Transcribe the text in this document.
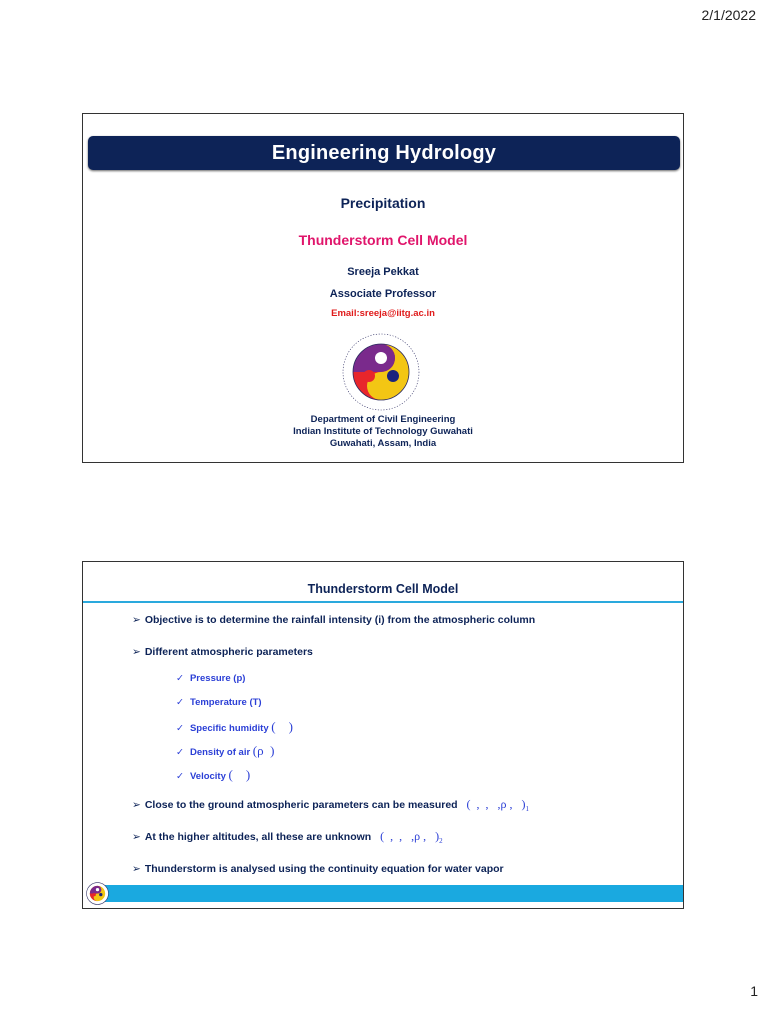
2/1/2022
Engineering Hydrology
Precipitation
Thunderstorm Cell Model
Sreeja Pekkat
Associate Professor
Email:sreeja@iitg.ac.in
Department of Civil Engineering
Indian Institute of Technology Guwahati
Guwahati, Assam, India
Thunderstorm Cell Model
➢ Objective is to determine the rainfall intensity (i) from the atmospheric column
➢ Different atmospheric parameters
✓ Pressure (p)
✓ Temperature (T)
✓ Specific humidity (    )
✓ Density of air (ρ  )
✓ Velocity (    )
➢ Close to the ground atmospheric parameters can be measured (  ,  ,   ,ρ ,   )$_1$
➢ At the higher altitudes, all these are unknown (  ,  ,   ,ρ ,   )$_2$
➢ Thunderstorm is analysed using the continuity equation for water vapor
1
